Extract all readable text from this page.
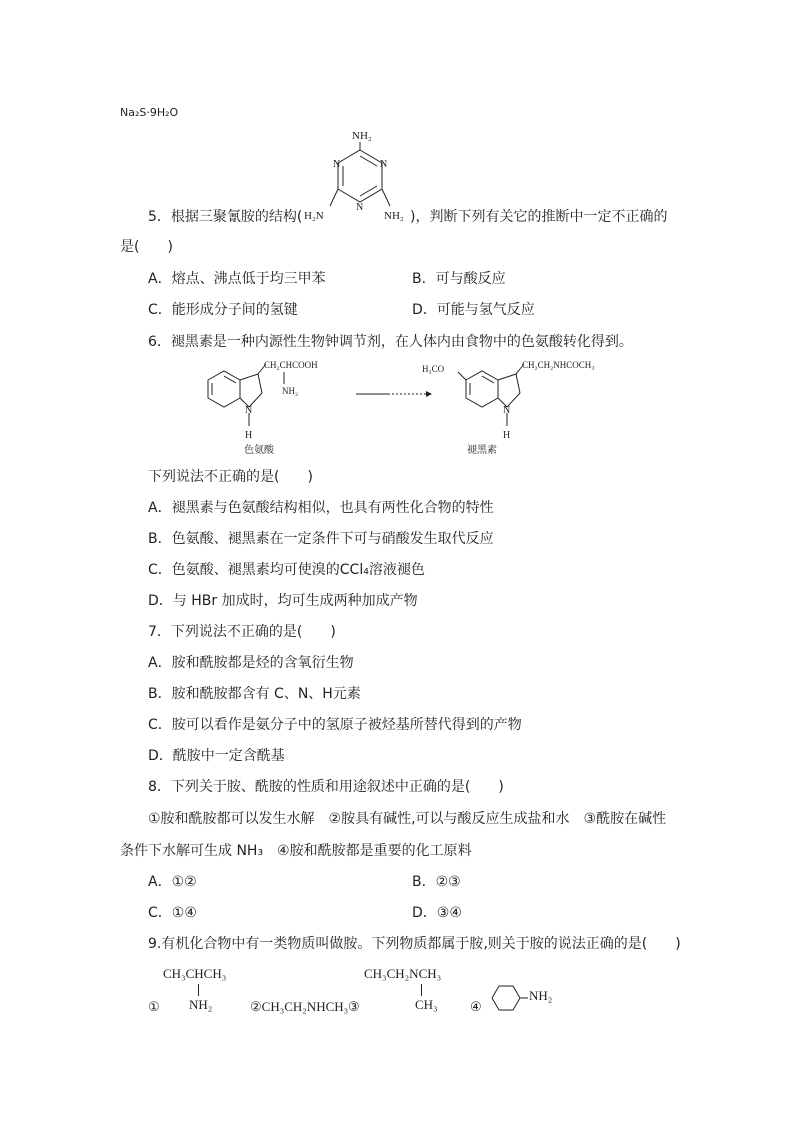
Na₂S·9H₂O
5．根据三聚氰胺的结构(
NH₂
N
N
N
H₂N	NH₂ )，判断下列有关它的推断中一定不正确的
是(　　)
A．熔点、沸点低于均三甲苯	B．可与酸反应
C．能形成分子间的氢键	D．可能与氢气反应
6．褪黑素是一种内源性生物钟调节剂，在人体内由食物中的色氨酸转化得到。
N
H
CH₂CHCOOH
NH₂
色氨酸
H₃CO
N
H
CH₂CH₂NHCOCH₃
褪黑素
下列说法不正确的是(　　)
A．褪黑素与色氨酸结构相似，也具有两性化合物的特性
B．色氨酸、褪黑素在一定条件下可与硝酸发生取代反应
C．色氨酸、褪黑素均可使溴的CCl₄溶液褪色
D．与 HBr 加成时，均可生成两种加成产物
7．下列说法不正确的是(　　)
A．胺和酰胺都是烃的含氧衍生物
B．胺和酰胺都含有 C、N、H元素
C．胺可以看作是氨分子中的氢原子被烃基所替代得到的产物
D．酰胺中一定含酰基
8．下列关于胺、酰胺的性质和用途叙述中正确的是(　　)
①胺和酰胺都可以发生水解　②胺具有碱性,可以与酸反应生成盐和水　③酰胺在碱性
条件下水解可生成 NH₃　④胺和酰胺都是重要的化工原料
A．①②	B．②③
C．①④	D．③④
9.有机化合物中有一类物质叫做胺。下列物质都属于胺,则关于胺的说法正确的是(　　)
①
CH₃CHCH₃
NH₂	②CH₃CH₂NHCH₃ ③
CH₃CH₂NCH₃
CH₃ ④
NH₂
